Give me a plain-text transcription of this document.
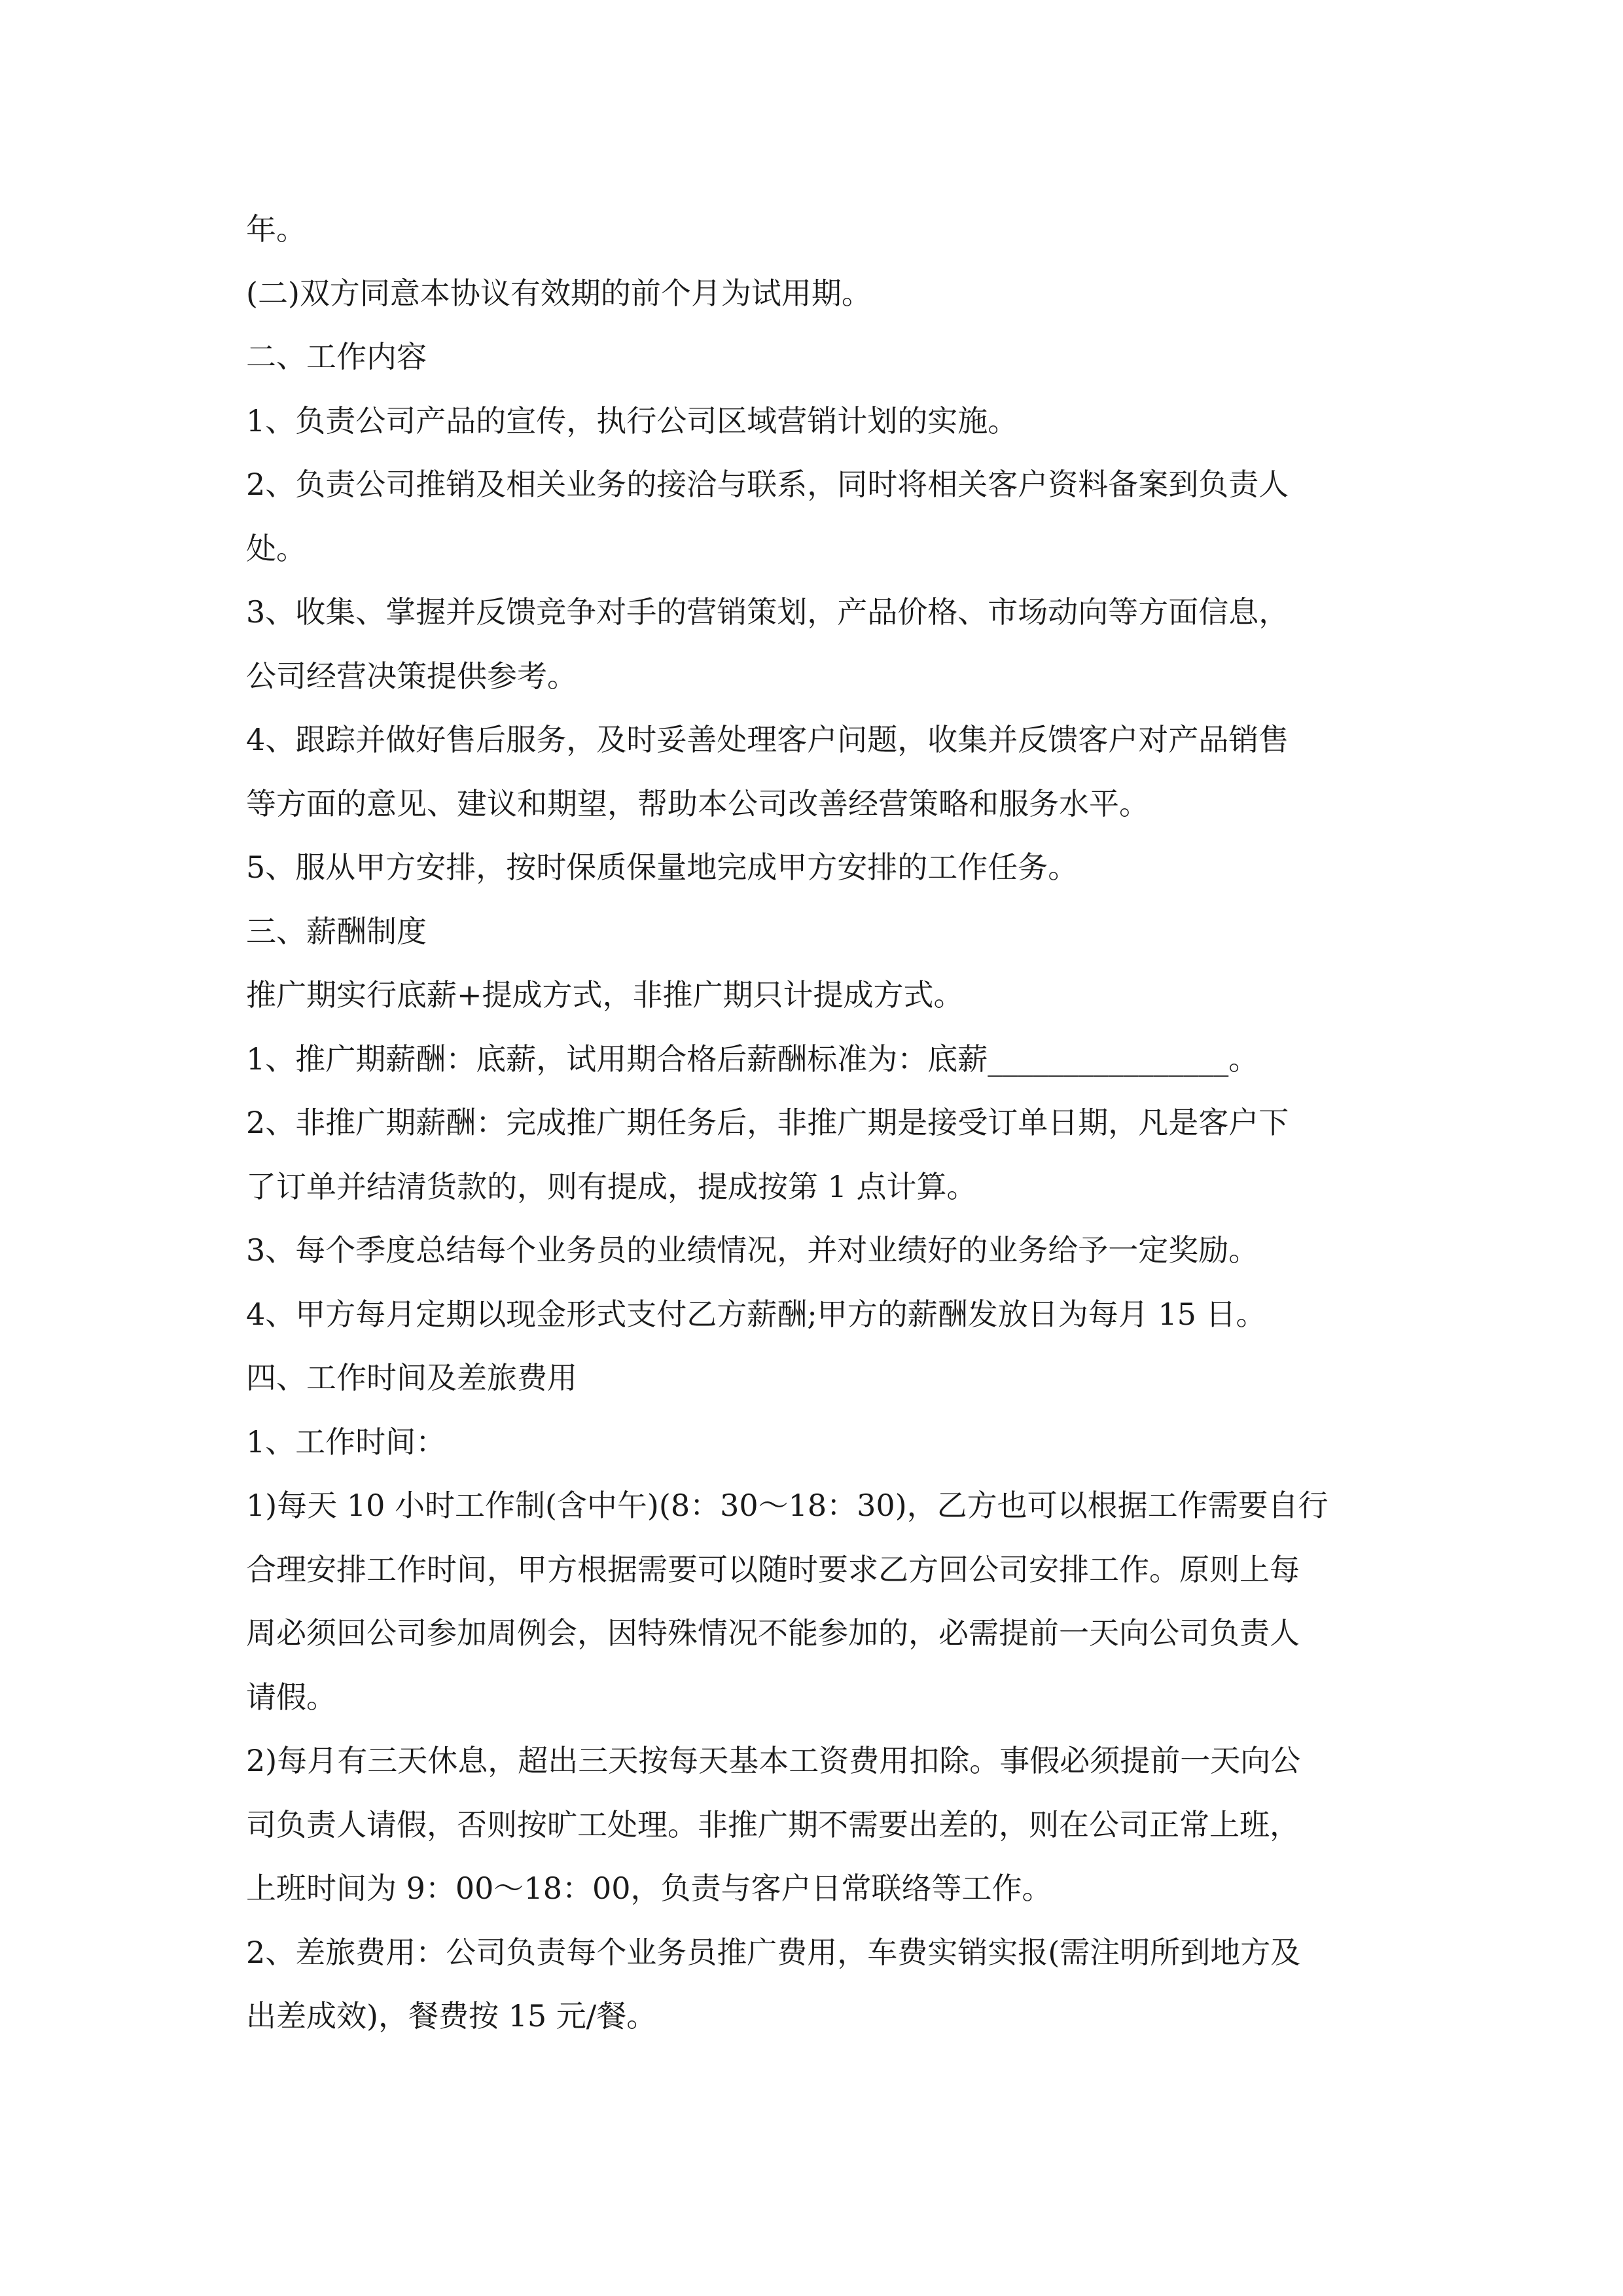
年。
(二)双方同意本协议有效期的前个月为试用期。
二、工作内容
1、负责公司产品的宣传，执行公司区域营销计划的实施。
2、负责公司推销及相关业务的接洽与联系，同时将相关客户资料备案到负责人
处。
3、收集、掌握并反馈竞争对手的营销策划，产品价格、市场动向等方面信息，
公司经营决策提供参考。
4、跟踪并做好售后服务，及时妥善处理客户问题，收集并反馈客户对产品销售
等方面的意见、建议和期望，帮助本公司改善经营策略和服务水平。
5、服从甲方安排，按时保质保量地完成甲方安排的工作任务。
三、薪酬制度
推广期实行底薪+提成方式，非推广期只计提成方式。
1、推广期薪酬：底薪，试用期合格后薪酬标准为：底薪________________。
2、非推广期薪酬：完成推广期任务后，非推广期是接受订单日期，凡是客户下
了订单并结清货款的，则有提成，提成按第 1 点计算。
3、每个季度总结每个业务员的业绩情况，并对业绩好的业务给予一定奖励。
4、甲方每月定期以现金形式支付乙方薪酬;甲方的薪酬发放日为每月 15 日。
四、工作时间及差旅费用
1、工作时间：
1)每天 10 小时工作制(含中午)(8：30～18：30)，乙方也可以根据工作需要自行
合理安排工作时间，甲方根据需要可以随时要求乙方回公司安排工作。原则上每
周必须回公司参加周例会，因特殊情况不能参加的，必需提前一天向公司负责人
请假。
2)每月有三天休息，超出三天按每天基本工资费用扣除。事假必须提前一天向公
司负责人请假，否则按旷工处理。非推广期不需要出差的，则在公司正常上班，
上班时间为 9：00～18：00，负责与客户日常联络等工作。
2、差旅费用：公司负责每个业务员推广费用，车费实销实报(需注明所到地方及
出差成效)，餐费按 15 元/餐。
